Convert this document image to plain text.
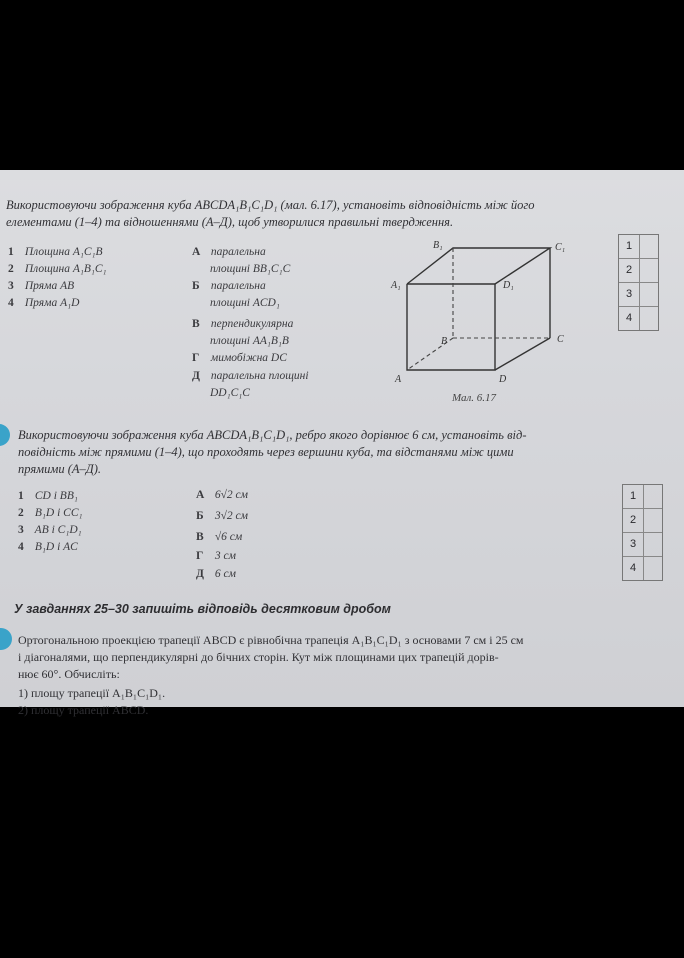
Використовуючи зображення куба ABCDA₁B₁C₁D₁ (мал. 6.17), установіть відповідність між його
елементами (1–4) та відношеннями (А–Д), щоб утворилися правильні твердження.
1 Площина A₁C₁B
2 Площина A₁B₁C₁
3 Пряма AB
4 Пряма A₁D
А паралельна
площині BB₁C₁C
Б паралельна
площині ACD₁
В перпендикулярна
площині AA₁B₁B
Г мимобіжна DC
Д паралельна площині
DD₁C₁C
B₁	C₁
A₁	D₁
B	C
A	D
Мал. 6.17
1
2
3
4
Використовуючи зображення куба ABCDA₁B₁C₁D₁, ребро якого дорівнює 6 см, установіть від-
повідність між прямими (1–4), що проходять через вершини куба, та відстанями між цими
прямими (А–Д).
1 CD і BB₁
2 B₁D і CC₁
3 AB і C₁D₁
4 B₁D і AC
А 6√2 см
Б 3√2 см
В √6 см
Г 3 см
Д 6 см
1
2
3
4
У завданнях 25–30 запишіть відповідь десятковим дробом
Ортогональною проекцією трапеції ABCD є рівнобічна трапеція A₁B₁C₁D₁ з основами 7 см і 25 см
і діагоналями, що перпендикулярні до бічних сторін. Кут між площинами цих трапецій дорів-
нює 60°. Обчисліть:
1) площу трапеції A₁B₁C₁D₁.
2) площу трапеції ABCD.
